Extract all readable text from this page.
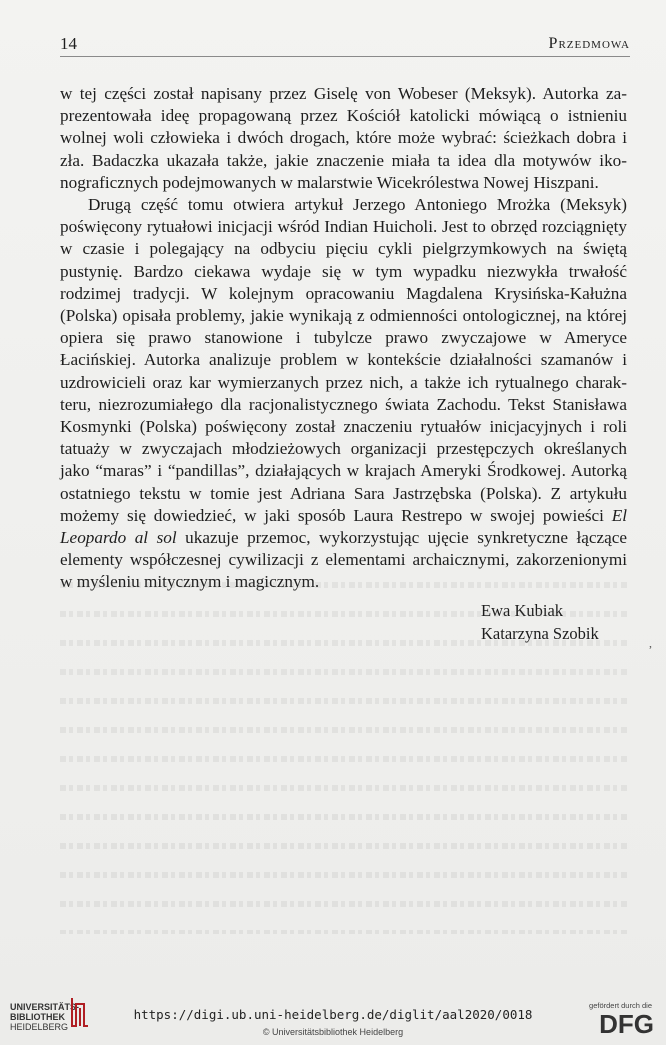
14	Przedmowa

w tej części został napisany przez Giselę von Wobeser (Meksyk). Autorka zaprezentowała ideę propagowaną przez Kościół katolicki mówiącą o istnieniu wolnej woli człowieka i dwóch drogach, które może wybrać: ścieżkach dobra i zła. Badaczka ukazała także, jakie znaczenie miała ta idea dla motywów ikonograficznych podejmowanych w malarstwie Wicekrólestwa Nowej Hiszpani.

Drugą część tomu otwiera artykuł Jerzego Antoniego Mrożka (Meksyk) poświęcony rytuałowi inicjacji wśród Indian Huicholi. Jest to obrzęd rozciągnięty w czasie i polegający na odbyciu pięciu cykli pielgrzymkowych na świętą pustynię. Bardzo ciekawa wydaje się w tym wypadku niezwykła trwałość rodzimej tradycji. W kolejnym opracowaniu Magdalena Krysińska-Kałużna (Polska) opisała problemy, jakie wynikają z odmienności ontologicznej, na której opiera się prawo stanowione i tubylcze prawo zwyczajowe w Ameryce Łacińskiej. Autorka analizuje problem w kontekście działalności szamanów i uzdrowicieli oraz kar wymierzanych przez nich, a także ich rytualnego charakteru, niezrozumiałego dla racjonalistycznego świata Zachodu. Tekst Stanisława Kosmynki (Polska) poświęcony został znaczeniu rytuałów inicjacyjnych i roli tatuaży w zwyczajach młodzieżowych organizacji przestępczych określanych jako “maras” i “pandillas”, działających w krajach Ameryki Środkowej. Autorką ostatniego tekstu w tomie jest Adriana Sara Jastrzębska (Polska). Z artykułu możemy się dowiedzieć, w jaki sposób Laura Restrepo w swojej powieści El Leopardo al sol ukazuje przemoc, wykorzystując ujęcie synkretyczne łączące elementy współczesnej cywilizacji z elementami archaicznymi, zakorzenionymi w myśleniu mitycznym i magicznym.

Ewa Kubiak
Katarzyna Szobik
,
UNIVERSITÄTS-
BIBLIOTHEK
HEIDELBERG
https://digi.ub.uni-heidelberg.de/diglit/aal2020/0018
© Universitätsbibliothek Heidelberg
gefördert durch die
DFG
